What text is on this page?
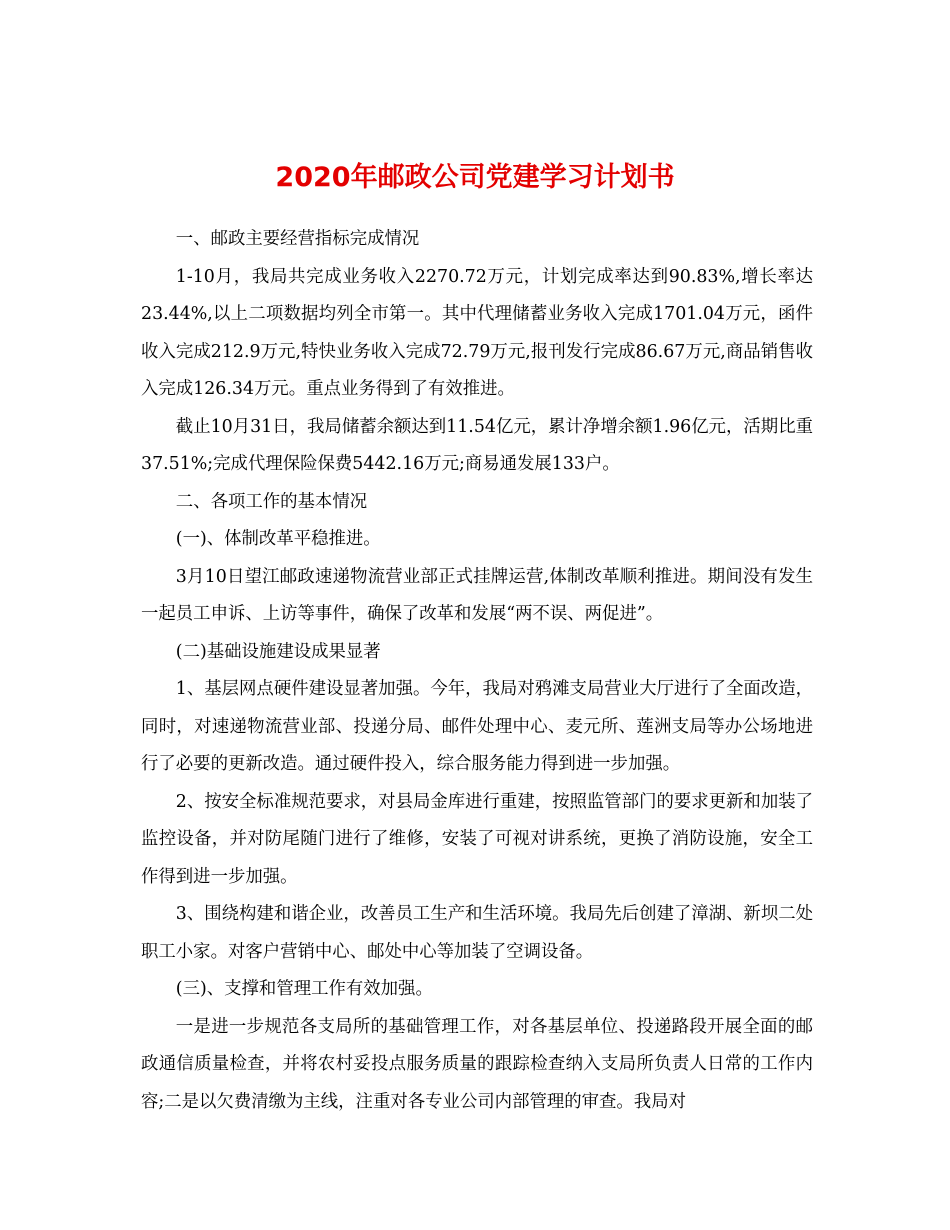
2020年邮政公司党建学习计划书

一、邮政主要经营指标完成情况

1-10月，我局共完成业务收入2270.72万元，计划完成率达到90.83%,增长率达23.44%,以上二项数据均列全市第一。其中代理储蓄业务收入完成1701.04万元，函件收入完成212.9万元,特快业务收入完成72.79万元,报刊发行完成86.67万元,商品销售收入完成126.34万元。重点业务得到了有效推进。

截止10月31日，我局储蓄余额达到11.54亿元，累计净增余额1.96亿元，活期比重37.51%;完成代理保险保费5442.16万元;商易通发展133户。

二、各项工作的基本情况

(一)、体制改革平稳推进。

3月10日望江邮政速递物流营业部正式挂牌运营,体制改革顺利推进。期间没有发生一起员工申诉、上访等事件，确保了改革和发展“两不误、两促进”。

(二)基础设施建设成果显著

1、基层网点硬件建设显著加强。今年，我局对鸦滩支局营业大厅进行了全面改造，同时，对速递物流营业部、投递分局、邮件处理中心、麦元所、莲洲支局等办公场地进行了必要的更新改造。通过硬件投入，综合服务能力得到进一步加强。

2、按安全标准规范要求，对县局金库进行重建，按照监管部门的要求更新和加装了监控设备，并对防尾随门进行了维修，安装了可视对讲系统，更换了消防设施，安全工作得到进一步加强。

3、围绕构建和谐企业，改善员工生产和生活环境。我局先后创建了漳湖、新坝二处职工小家。对客户营销中心、邮处中心等加装了空调设备。

(三)、支撑和管理工作有效加强。

一是进一步规范各支局所的基础管理工作，对各基层单位、投递路段开展全面的邮政通信质量检查，并将农村妥投点服务质量的跟踪检查纳入支局所负责人日常的工作内容;二是以欠费清缴为主线，注重对各专业公司内部管理的审查。我局对
